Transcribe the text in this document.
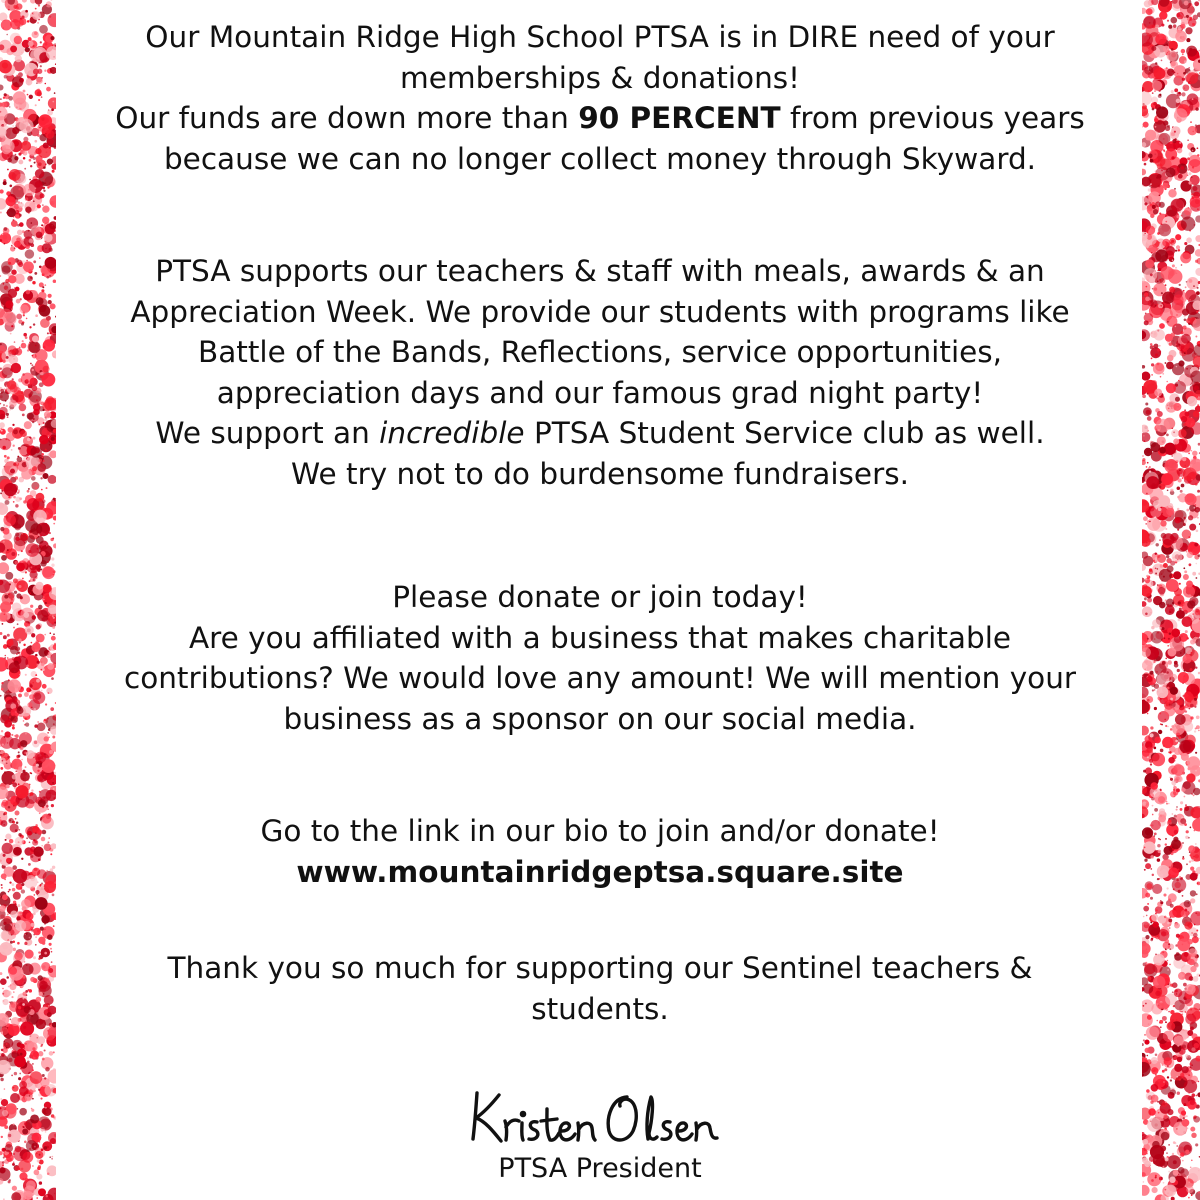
Our Mountain Ridge High School PTSA is in DIRE need of your

memberships & donations!

Our funds are down more than 90 PERCENT from previous years

because we can no longer collect money through Skyward.

PTSA supports our teachers & staff with meals, awards & an

Appreciation Week. We provide our students with programs like

Battle of the Bands, Reflections, service opportunities,

appreciation days and our famous grad night party!

We support an incredible PTSA Student Service club as well.

We try not to do burdensome fundraisers.

Please donate or join today!

Are you affiliated with a business that makes charitable

contributions? We would love any amount! We will mention your

business as a sponsor on our social media.

Go to the link in our bio to join and/or donate!

www.mountainridgeptsa.square.site

Thank you so much for supporting our Sentinel teachers &

students.

PTSA President
